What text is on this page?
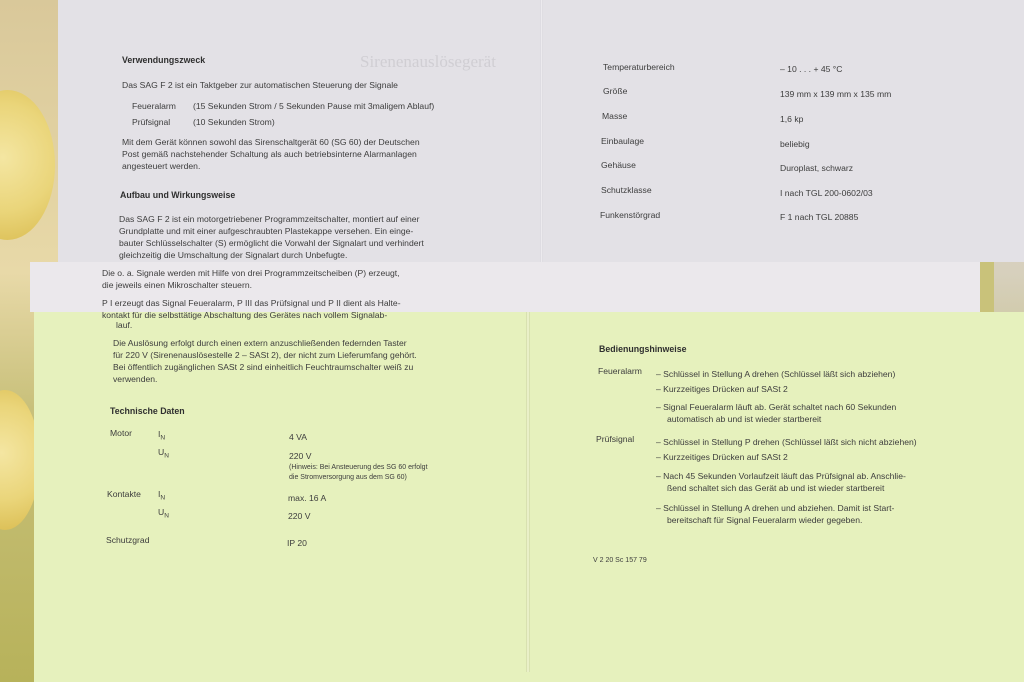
Sirenenauslösegerät
Verwendungszweck
Das SAG F 2 ist ein Taktgeber zur automatischen Steuerung der Signale
Feueralarm (15 Sekunden Strom / 5 Sekunden Pause mit 3maligem Ablauf)
Prüfsignal	(10 Sekunden Strom)
Mit dem Gerät können sowohl das Sirenschaltgerät 60 (SG 60) der Deutschen
Post gemäß nachstehender Schaltung als auch betriebsinterne Alarmanlagen
angesteuert werden.
Aufbau und Wirkungsweise
Das SAG F 2 ist ein motorgetriebener Programmzeitschalter, montiert auf einer
Grundplatte und mit einer aufgeschraubten Plastekappe versehen. Ein einge-
bauter Schlüsselschalter (S) ermöglicht die Vorwahl der Signalart und verhindert
gleichzeitig die Umschaltung der Signalart durch Unbefugte.
Temperaturbereich	– 10 . . . + 45 °C
Größe	139 mm x 139 mm x 135 mm
Masse	1,6 kp
Einbaulage	beliebig
Gehäuse	Duroplast, schwarz
Schutzklasse	I nach TGL 200-0602/03
Funkenstörgrad	F 1 nach TGL 20885
Die o. a. Signale werden mit Hilfe von drei Programmzeitscheiben (P) erzeugt,
die jeweils einen Mikroschalter steuern.
P I erzeugt das Signal Feueralarm, P III das Prüfsignal und P II dient als Halte-
kontakt für die selbsttätige Abschaltung des Gerätes nach vollem Signalab-
lauf.
Die Auslösung erfolgt durch einen extern anzuschließenden federnden Taster
für 220 V (Sirenenauslösestelle 2 – SASt 2), der nicht zum Lieferumfang gehört.
Bei öffentlich zugänglichen SASt 2 sind einheitlich Feuchtraumschalter weiß zu
verwenden.
Technische Daten
Motor	$I_N$	4 VA
$U_N$	220 V
(Hinweis: Bei Ansteuerung des SG 60 erfolgt
die Stromversorgung aus dem SG 60)
Kontakte $I_N$	max. 16 A
$U_N$	220 V
Schutzgrad	IP 20
Bedienungshinweise
Feueralarm – Schlüssel in Stellung A drehen (Schlüssel läßt sich abziehen)
– Kurzzeitiges Drücken auf SASt 2
– Signal Feueralarm läuft ab. Gerät schaltet nach 60 Sekunden
automatisch ab und ist wieder startbereit
Prüfsignal	– Schlüssel in Stellung P drehen (Schlüssel läßt sich nicht abziehen)
– Kurzzeitiges Drücken auf SASt 2
– Nach 45 Sekunden Vorlaufzeit läuft das Prüfsignal ab. Anschlie-
ßend schaltet sich das Gerät ab und ist wieder startbereit
– Schlüssel in Stellung A drehen und abziehen. Damit ist Start-
bereitschaft für Signal Feueralarm wieder gegeben.
V 2 20 Sc 157 79
